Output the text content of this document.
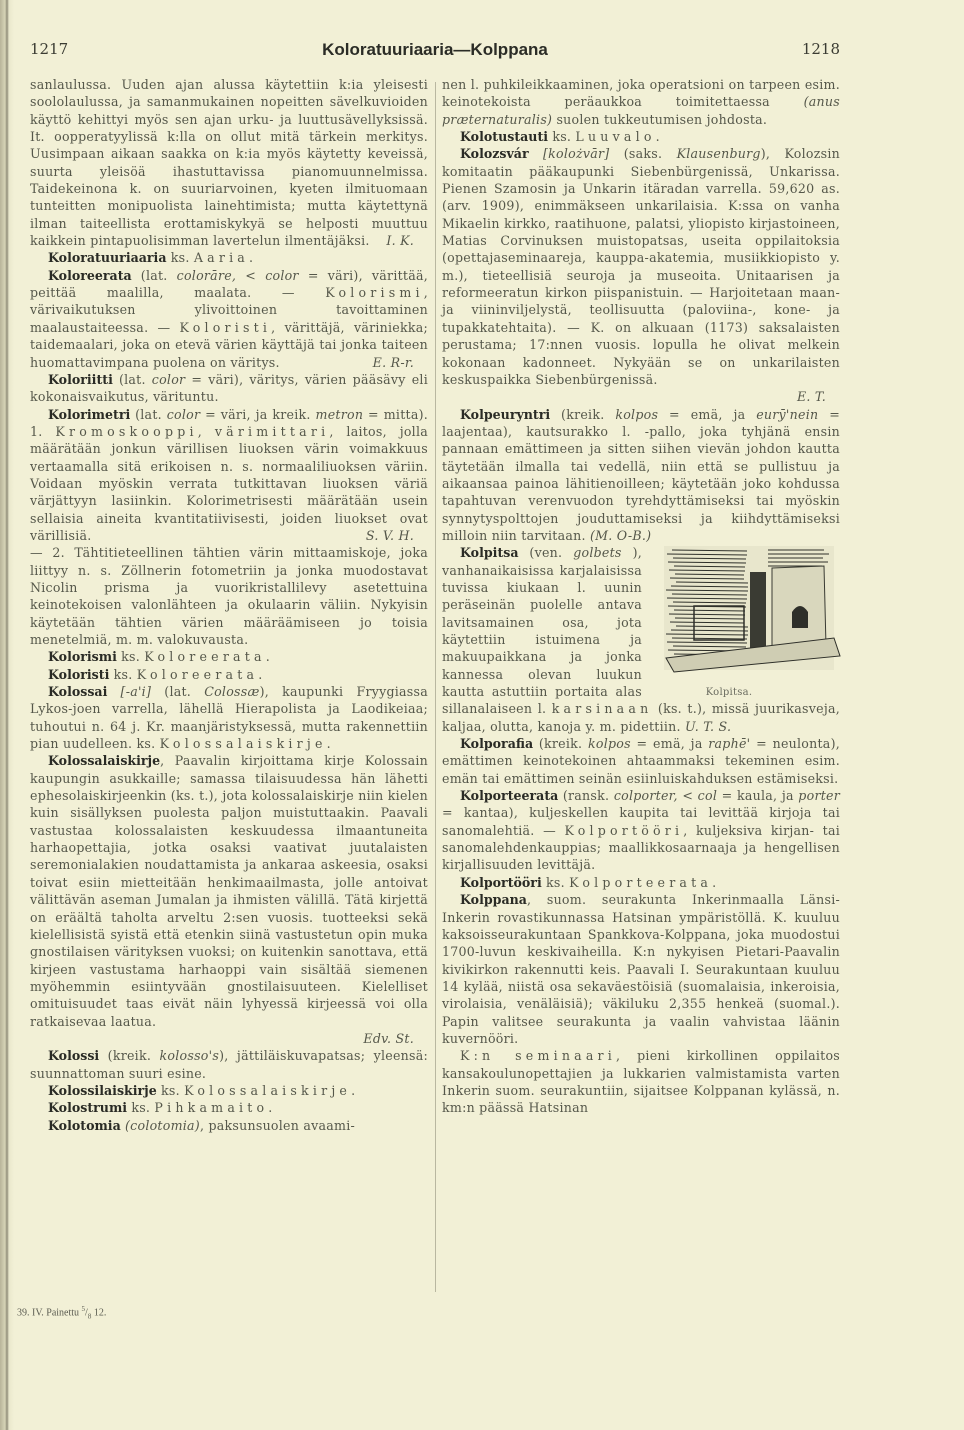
1217	Koloratuuriaaria—Kolppana	1218

sanlaulussa. Uuden ajan alussa käytettiin k:ia yleisesti soololaulussa, ja samanmukainen nopeitten sävelkuvioiden käyttö kehittyi myös sen ajan urku- ja luuttusävellyksissä. It. oopperatyylissä k:lla on ollut mitä tärkein merkitys. Uusimpaan aikaan saakka on k:ia myös käytetty keveissä, suurta yleisöä ihastuttavissa pianomuunnelmissa. Taidekeinona k. on suuriarvoinen, kyeten ilmituomaan tunteitten monipuolista lainehtimista; mutta käytettynä ilman taiteellista erottamiskykyä se helposti muuttuu kaikkein pintapuolisimman lavertelun ilmentäjäksi. I. K.

Koloratuuriaaria ks. Aaria.

Koloreerata (lat. colorāre, < color = väri), värittää, peittää maalilla, maalata. — Kolorismi, värivaikutuksen ylivoittoinen tavoittaminen maalaustaiteessa. — Koloristi, värittäjä, väriniekka; taidemaalari, joka on etevä värien käyttäjä tai jonka taiteen huomattavimpana puolena on väritys.	E. R-r.

Koloriitti (lat. color = väri), väritys, värien pääsävy eli kokonaisvaikutus, värituntu.

Kolorimetri (lat. color = väri, ja kreik. metron = mitta). 1. Kromoskooppi, värimittari, laitos, jolla määrätään jonkun värillisen liuoksen värin voimakkuus vertaamalla sitä erikoisen n. s. normaaliliuoksen väriin. Voidaan myöskin verrata tutkittavan liuoksen väriä värjättyyn lasiinkin. Kolorimetrisesti määrätään usein sellaisia aineita kvantitatiivisesti, joiden liuokset ovat värillisiä.	S. V. H.

— 2. Tähtitieteellinen tähtien värin mittaamiskoje, joka liittyy n. s. Zöllnerin fotometriin ja jonka muodostavat Nicolin prisma ja vuorikristallilevy asetettuina keinotekoisen valonlähteen ja okulaarin väliin. Nykyisin käytetään tähtien värien määräämiseen jo toisia menetelmiä, m. m. valokuvausta.

Kolorismi ks. Koloreerata.

Koloristi ks. Koloreerata.

Kolossai [-a'i] (lat. Colossæ), kaupunki Fryygiassa Lykos-joen varrella, lähellä Hierapolista ja Laodikeiaa; tuhoutui n. 64 j. Kr. maanjäristyksessä, mutta rakennettiin pian uudelleen. ks. Kolossalaiskirje.

Kolossalaiskirje, Paavalin kirjoittama kirje Kolossain kaupungin asukkaille; samassa tilaisuudessa hän lähetti ephesolaiskirjeenkin (ks. t.), jota kolossalaiskirje niin kielen kuin sisällyksen puolesta paljon muistuttaakin. Paavali vastustaa kolossalaisten keskuudessa ilmaantuneita harhaopettajia, jotka osaksi vaativat juutalaisten seremonialakien noudattamista ja ankaraa askeesia, osaksi toivat esiin mietteitään henkimaailmasta, jolle antoivat välittävän aseman Jumalan ja ihmisten välillä. Tätä kirjettä on eräältä taholta arveltu 2:sen vuosis. tuotteeksi sekä kielellisistä syistä että etenkin siinä vastustetun opin muka gnostilaisen värityksen vuoksi; on kuitenkin sanottava, että kirjeen vastustama harhaoppi vain sisältää siemenen myöhemmin esiintyvään gnostilaisuuteen. Kielelliset omituisuudet taas eivät näin lyhyessä kirjeessä voi olla ratkaisevaa laatua.
Edv. St.

Kolossi (kreik. kolosso's), jättiläiskuvapatsas; yleensä: suunnattoman suuri esine.

Kolossilaiskirje ks. Kolossalaiskirje.

Kolostrumi ks. Pihkamaito.

Kolotomia (colotomia), paksunsuolen avaami-

nen l. puhkileikkaaminen, joka operatsioni on tarpeen esim. keinotekoista peräaukkoa toimitettaessa (anus præternaturalis) suolen tukkeutumisen johdosta.

Kolotustauti ks. Luuvalo.

Kolozsvár [kolożvār] (saks. Klausenburg), Kolozsin komitaatin pääkaupunki Siebenbürgenissä, Unkarissa. Pienen Szamosin ja Unkarin itäradan varrella. 59,620 as. (arv. 1909), enimmäkseen unkarilaisia. K:ssa on vanha Mikaelin kirkko, raatihuone, palatsi, yliopisto kirjastoineen, Matias Corvinuksen muistopatsas, useita oppilaitoksia (opettajaseminaareja, kauppa-akatemia, musiikkiopisto y. m.), tieteellisiä seuroja ja museoita. Unitaarisen ja reformeeratun kirkon piispanistuin. — Harjoitetaan maan- ja viininviljelystä, teollisuutta (paloviina-, kone- ja tupakkatehtaita). — K. on alkuaan (1173) saksalaisten perustama; 17:nnen vuosis. lopulla he olivat melkein kokonaan kadonneet. Nykyään se on unkarilaisten keskuspaikka Siebenbürgenissä.
E. T.

Kolpeuryntri (kreik. kolpos = emä, ja eurȳ'nein = laajentaa), kautsurakko l. -pallo, joka tyhjänä ensin pannaan emättimeen ja sitten siihen vievän johdon kautta täytetään ilmalla tai vedellä, niin että se pullistuu ja aikaansaa painoa lähitienoilleen; käytetään joko kohdussa tapahtuvan verenvuodon tyrehdyttämiseksi tai myöskin synnytyspolttojen jouduttamiseksi ja kiihdyttämiseksi milloin niin tarvitaan. (M. O-B.)

Kolpitsa (ven. golbets
Kolpitsa.
), vanhanaikaisissa karjalaisissa tuvissa kiukaan l. uunin peräseinän puolelle antava lavitsamainen osa, jota käytettiin istuimena ja makuupaikkana ja jonka kannessa olevan luukun kautta astuttiin portaita alas sillanalaiseen l. karsinaan (ks. t.), missä juurikasveja, kaljaa, olutta, kanoja y. m. pidettiin. U. T. S.

Kolporafia (kreik. kolpos = emä, ja raphē' = neulonta), emättimen keinotekoinen ahtaammaksi tekeminen esim. emän tai emättimen seinän esiinluiskahduksen estämiseksi.

Kolporteerata (ransk. colporter, < col = kaula, ja porter = kantaa), kuljeskellen kaupita tai levittää kirjoja tai sanomalehtiä. — Kolportööri, kuljeksiva kirjan- tai sanomalehdenkauppias; maallikkosaarnaaja ja hengellisen kirjallisuuden levittäjä.

Kolportööri ks. Kolporteerata.

Kolppana, suom. seurakunta Inkerinmaalla Länsi-Inkerin rovastikunnassa Hatsinan ympäristöllä. K. kuuluu kaksoisseurakuntaan Spankkova-Kolppana, joka muodostui 1700-luvun keskivaiheilla. K:n nykyisen Pietari-Paavalin kivikirkon rakennutti keis. Paavali I. Seurakuntaan kuuluu 14 kylää, niistä osa sekaväestöisiä (suomalaisia, inkeroisia, virolaisia, venäläisiä); väkiluku 2,355 henkeä (suomal.). Papin valitsee seurakunta ja vaalin vahvistaa läänin kuvernööri.

K:n seminaari, pieni kirkollinen oppilaitos kansakoulunopettajien ja lukkarien valmistamista varten Inkerin suom. seurakuntiin, sijaitsee Kolppanan kylässä, n. km:n päässä Hatsinan

39. IV. Painettu $^5/_8$ 12.
